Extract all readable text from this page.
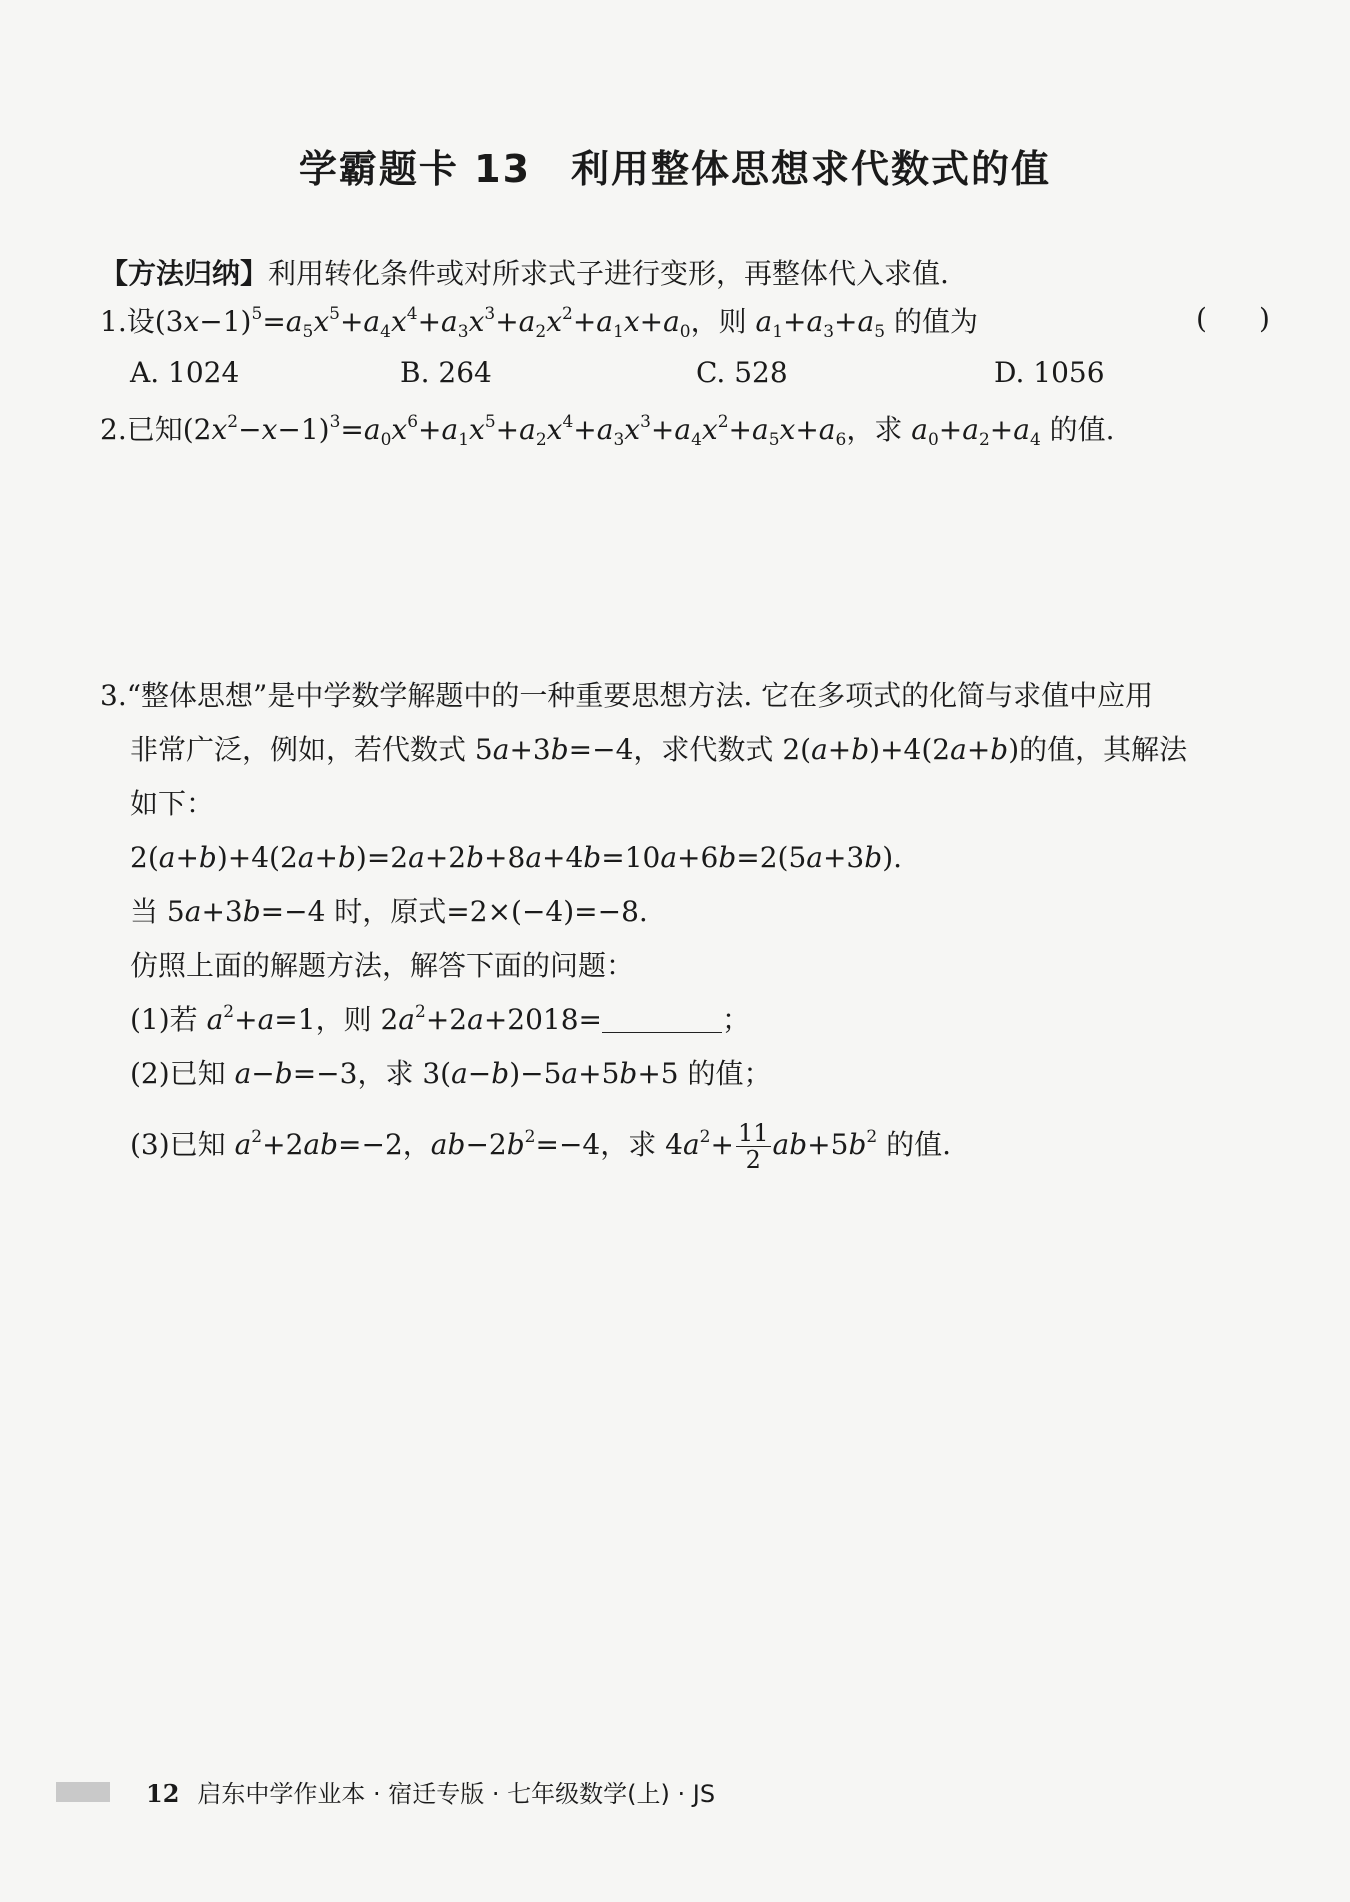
学霸题卡 13 利用整体思想求代数式的值
【方法归纳】利用转化条件或对所求式子进行变形，再整体代入求值.
1.设$(3x-1)^5=a_5x^5+a_4x^4+a_3x^3+a_2x^2+a_1x+a_0$，则 $a_1+a_3+a_5$ 的值为	( )
A. 1024	B. 264	C. 528	D. 1056
2.已知$(2x^2-x-1)^3=a_0x^6+a_1x^5+a_2x^4+a_3x^3+a_4x^2+a_5x+a_6$，求 $a_0+a_2+a_4$ 的值.
3.“整体思想”是中学数学解题中的一种重要思想方法. 它在多项式的化简与求值中应用
非常广泛，例如，若代数式 5a+3b=−4，求代数式 2(a+b)+4(2a+b)的值，其解法
如下：
2(a+b)+4(2a+b)=2a+2b+8a+4b=10a+6b=2(5a+3b).
当 5a+3b=−4 时，原式=2×(−4)=−8.
仿照上面的解题方法，解答下面的问题：
(1)若 $a^2+a=1$，则 $2a^2+2a+2018=$	；
(2)已知 a−b=−3，求 3(a−b)−5a+5b+5 的值；
(3)已知 $a^2+2ab=-2$，$ab-2b^2=-4$，求 $4a^2+ \frac{11}{2} ab+5b^2$ 的值.
12 启东中学作业本 · 宿迁专版 · 七年级数学(上) · JS
